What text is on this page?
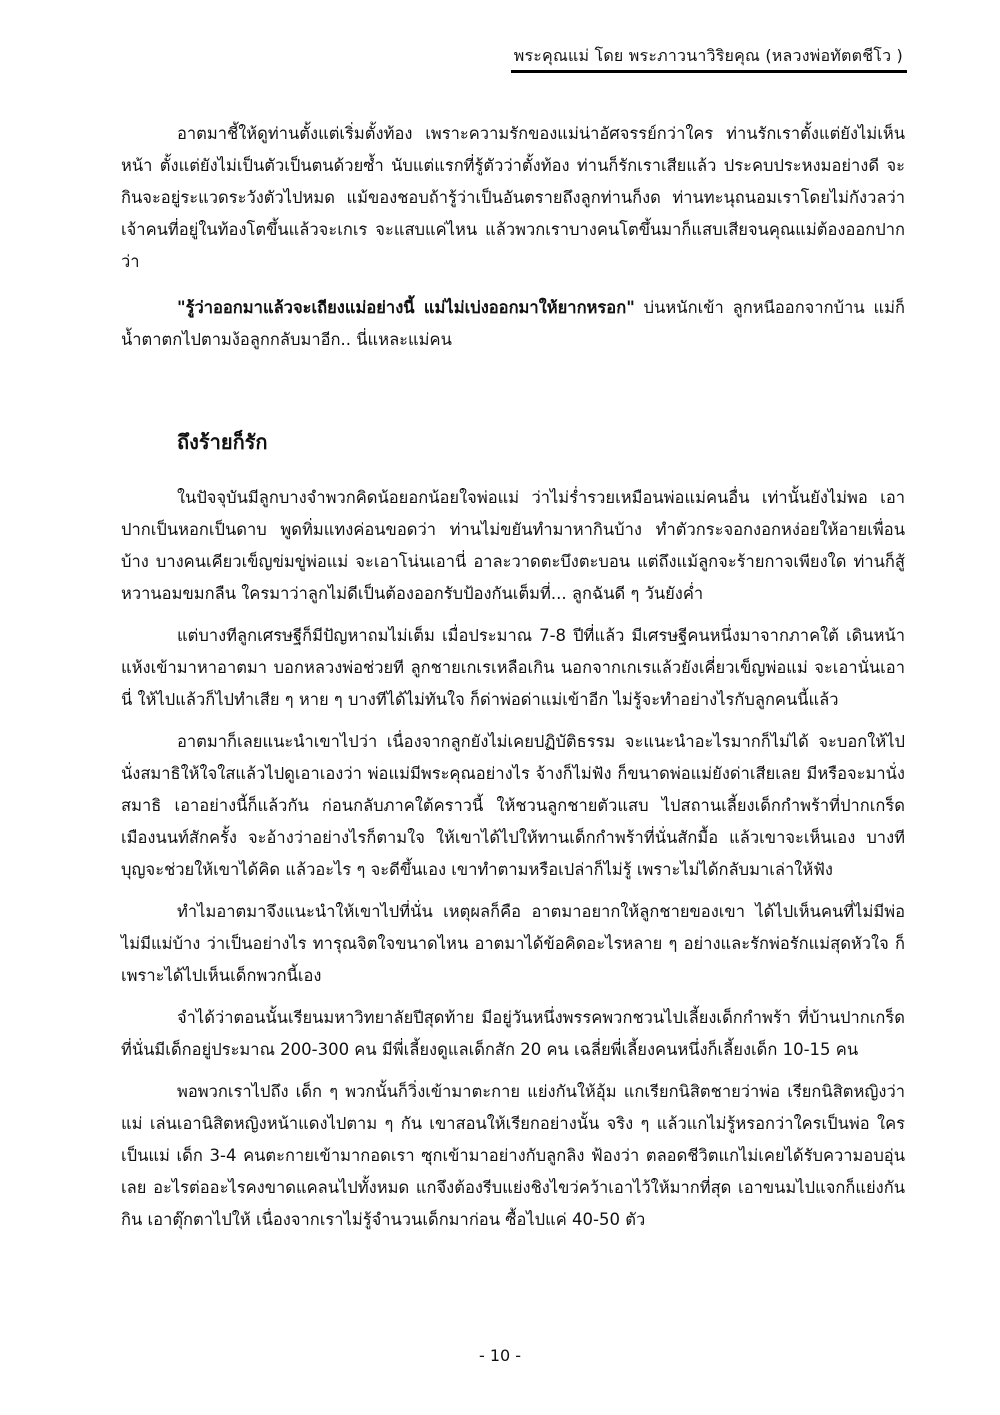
พระคุณแม่ โดย พระภาวนาวิริยคุณ (หลวงพ่อทัตตชีโว )

อาตมาชี้ให้ดูท่านตั้งแต่เริ่มตั้งท้อง เพราะความรักของแม่น่าอัศจรรย์กว่าใคร ท่านรักเราตั้งแต่ยังไม่เห็นหน้า ตั้งแต่ยังไม่เป็นตัวเป็นตนด้วยซ้ำ นับแต่แรกที่รู้ตัวว่าตั้งท้อง ท่านก็รักเราเสียแล้ว ประคบประหงมอย่างดี จะกินจะอยู่ระแวดระวังตัวไปหมด แม้ของชอบถ้ารู้ว่าเป็นอันตรายถึงลูกท่านก็งด ท่านทะนุถนอมเราโดยไม่กังวลว่า เจ้าคนที่อยู่ในท้องโตขึ้นแล้วจะเกเร จะแสบแค่ไหน แล้วพวกเราบางคนโตขึ้นมาก็แสบเสียจนคุณแม่ต้องออกปากว่า

"รู้ว่าออกมาแล้วจะเถียงแม่อย่างนี้ แม่ไม่เบ่งออกมาให้ยากหรอก" บ่นหนักเข้า ลูกหนีออกจากบ้าน แม่ก็น้ำตาตกไปตามง้อลูกกลับมาอีก.. นี่แหละแม่คน

ถึงร้ายก็รัก

ในปัจจุบันมีลูกบางจำพวกคิดน้อยอกน้อยใจพ่อแม่ ว่าไม่ร่ำรวยเหมือนพ่อแม่คนอื่น เท่านั้นยังไม่พอ เอาปากเป็นหอกเป็นดาบ พูดทิ่มแทงค่อนขอดว่า ท่านไม่ขยันทำมาหากินบ้าง ทำตัวกระจอกงอกหง่อยให้อายเพื่อนบ้าง บางคนเคียวเข็ญข่มขู่พ่อแม่ จะเอาโน่นเอานี่ อาละวาดตะบึงตะบอน แต่ถึงแม้ลูกจะร้ายกาจเพียงใด ท่านก็สู้หวานอมขมกลืน ใครมาว่าลูกไม่ดีเป็นต้องออกรับป้องกันเต็มที่... ลูกฉันดี ๆ วันยังค่ำ

แต่บางทีลูกเศรษฐีก็มีปัญหาถมไม่เต็ม เมื่อประมาณ 7-8 ปีที่แล้ว มีเศรษฐีคนหนึ่งมาจากภาคใต้ เดินหน้าแห้งเข้ามาหาอาตมา บอกหลวงพ่อช่วยที ลูกชายเกเรเหลือเกิน นอกจากเกเรแล้วยังเคี่ยวเข็ญพ่อแม่ จะเอานั่นเอานี่ ให้ไปแล้วก็ไปทำเสีย ๆ หาย ๆ บางทีได้ไม่ทันใจ ก็ด่าพ่อด่าแม่เข้าอีก ไม่รู้จะทำอย่างไรกับลูกคนนี้แล้ว

อาตมาก็เลยแนะนำเขาไปว่า เนื่องจากลูกยังไม่เคยปฏิบัติธรรม จะแนะนำอะไรมากก็ไม่ได้ จะบอกให้ไปนั่งสมาธิให้ใจใสแล้วไปดูเอาเองว่า พ่อแม่มีพระคุณอย่างไร จ้างก็ไม่ฟัง ก็ขนาดพ่อแม่ยังด่าเสียเลย มีหรือจะมานั่งสมาธิ เอาอย่างนี้ก็แล้วกัน ก่อนกลับภาคใต้คราวนี้ ให้ชวนลูกชายตัวแสบ ไปสถานเลี้ยงเด็กกำพร้าที่ปากเกร็ดเมืองนนท์สักครั้ง จะอ้างว่าอย่างไรก็ตามใจ ให้เขาได้ไปให้ทานเด็กกำพร้าที่นั่นสักมื้อ แล้วเขาจะเห็นเอง บางทีบุญจะช่วยให้เขาได้คิด แล้วอะไร ๆ จะดีขึ้นเอง เขาทำตามหรือเปล่าก็ไม่รู้ เพราะไม่ได้กลับมาเล่าให้ฟัง

ทำไมอาตมาจึงแนะนำให้เขาไปที่นั่น เหตุผลก็คือ อาตมาอยากให้ลูกชายของเขา ได้ไปเห็นคนที่ไม่มีพ่อ ไม่มีแม่บ้าง ว่าเป็นอย่างไร ทารุณจิตใจขนาดไหน อาตมาได้ข้อคิดอะไรหลาย ๆ อย่างและรักพ่อรักแม่สุดหัวใจ ก็เพราะได้ไปเห็นเด็กพวกนี้เอง

จำได้ว่าตอนนั้นเรียนมหาวิทยาลัยปีสุดท้าย มีอยู่วันหนึ่งพรรคพวกชวนไปเลี้ยงเด็กกำพร้า ที่บ้านปากเกร็ด ที่นั่นมีเด็กอยู่ประมาณ 200-300 คน มีพี่เลี้ยงดูแลเด็กสัก 20 คน เฉลี่ยพี่เลี้ยงคนหนึ่งก็เลี้ยงเด็ก 10-15 คน

พอพวกเราไปถึง เด็ก ๆ พวกนั้นก็วิ่งเข้ามาตะกาย แย่งกันให้อุ้ม แกเรียกนิสิตชายว่าพ่อ เรียกนิสิตหญิงว่าแม่ เล่นเอานิสิตหญิงหน้าแดงไปตาม ๆ กัน เขาสอนให้เรียกอย่างนั้น จริง ๆ แล้วแกไม่รู้หรอกว่าใครเป็นพ่อ ใครเป็นแม่ เด็ก 3-4 คนตะกายเข้ามากอดเรา ซุกเข้ามาอย่างกับลูกลิง ฟ้องว่า ตลอดชีวิตแกไม่เคยได้รับความอบอุ่นเลย อะไรต่ออะไรคงขาดแคลนไปทั้งหมด แกจึงต้องรีบแย่งชิงไขว่คว้าเอาไว้ให้มากที่สุด เอาขนมไปแจกก็แย่งกันกิน เอาตุ๊กตาไปให้ เนื่องจากเราไม่รู้จำนวนเด็กมาก่อน ซื้อไปแค่ 40-50 ตัว

- 10 -
